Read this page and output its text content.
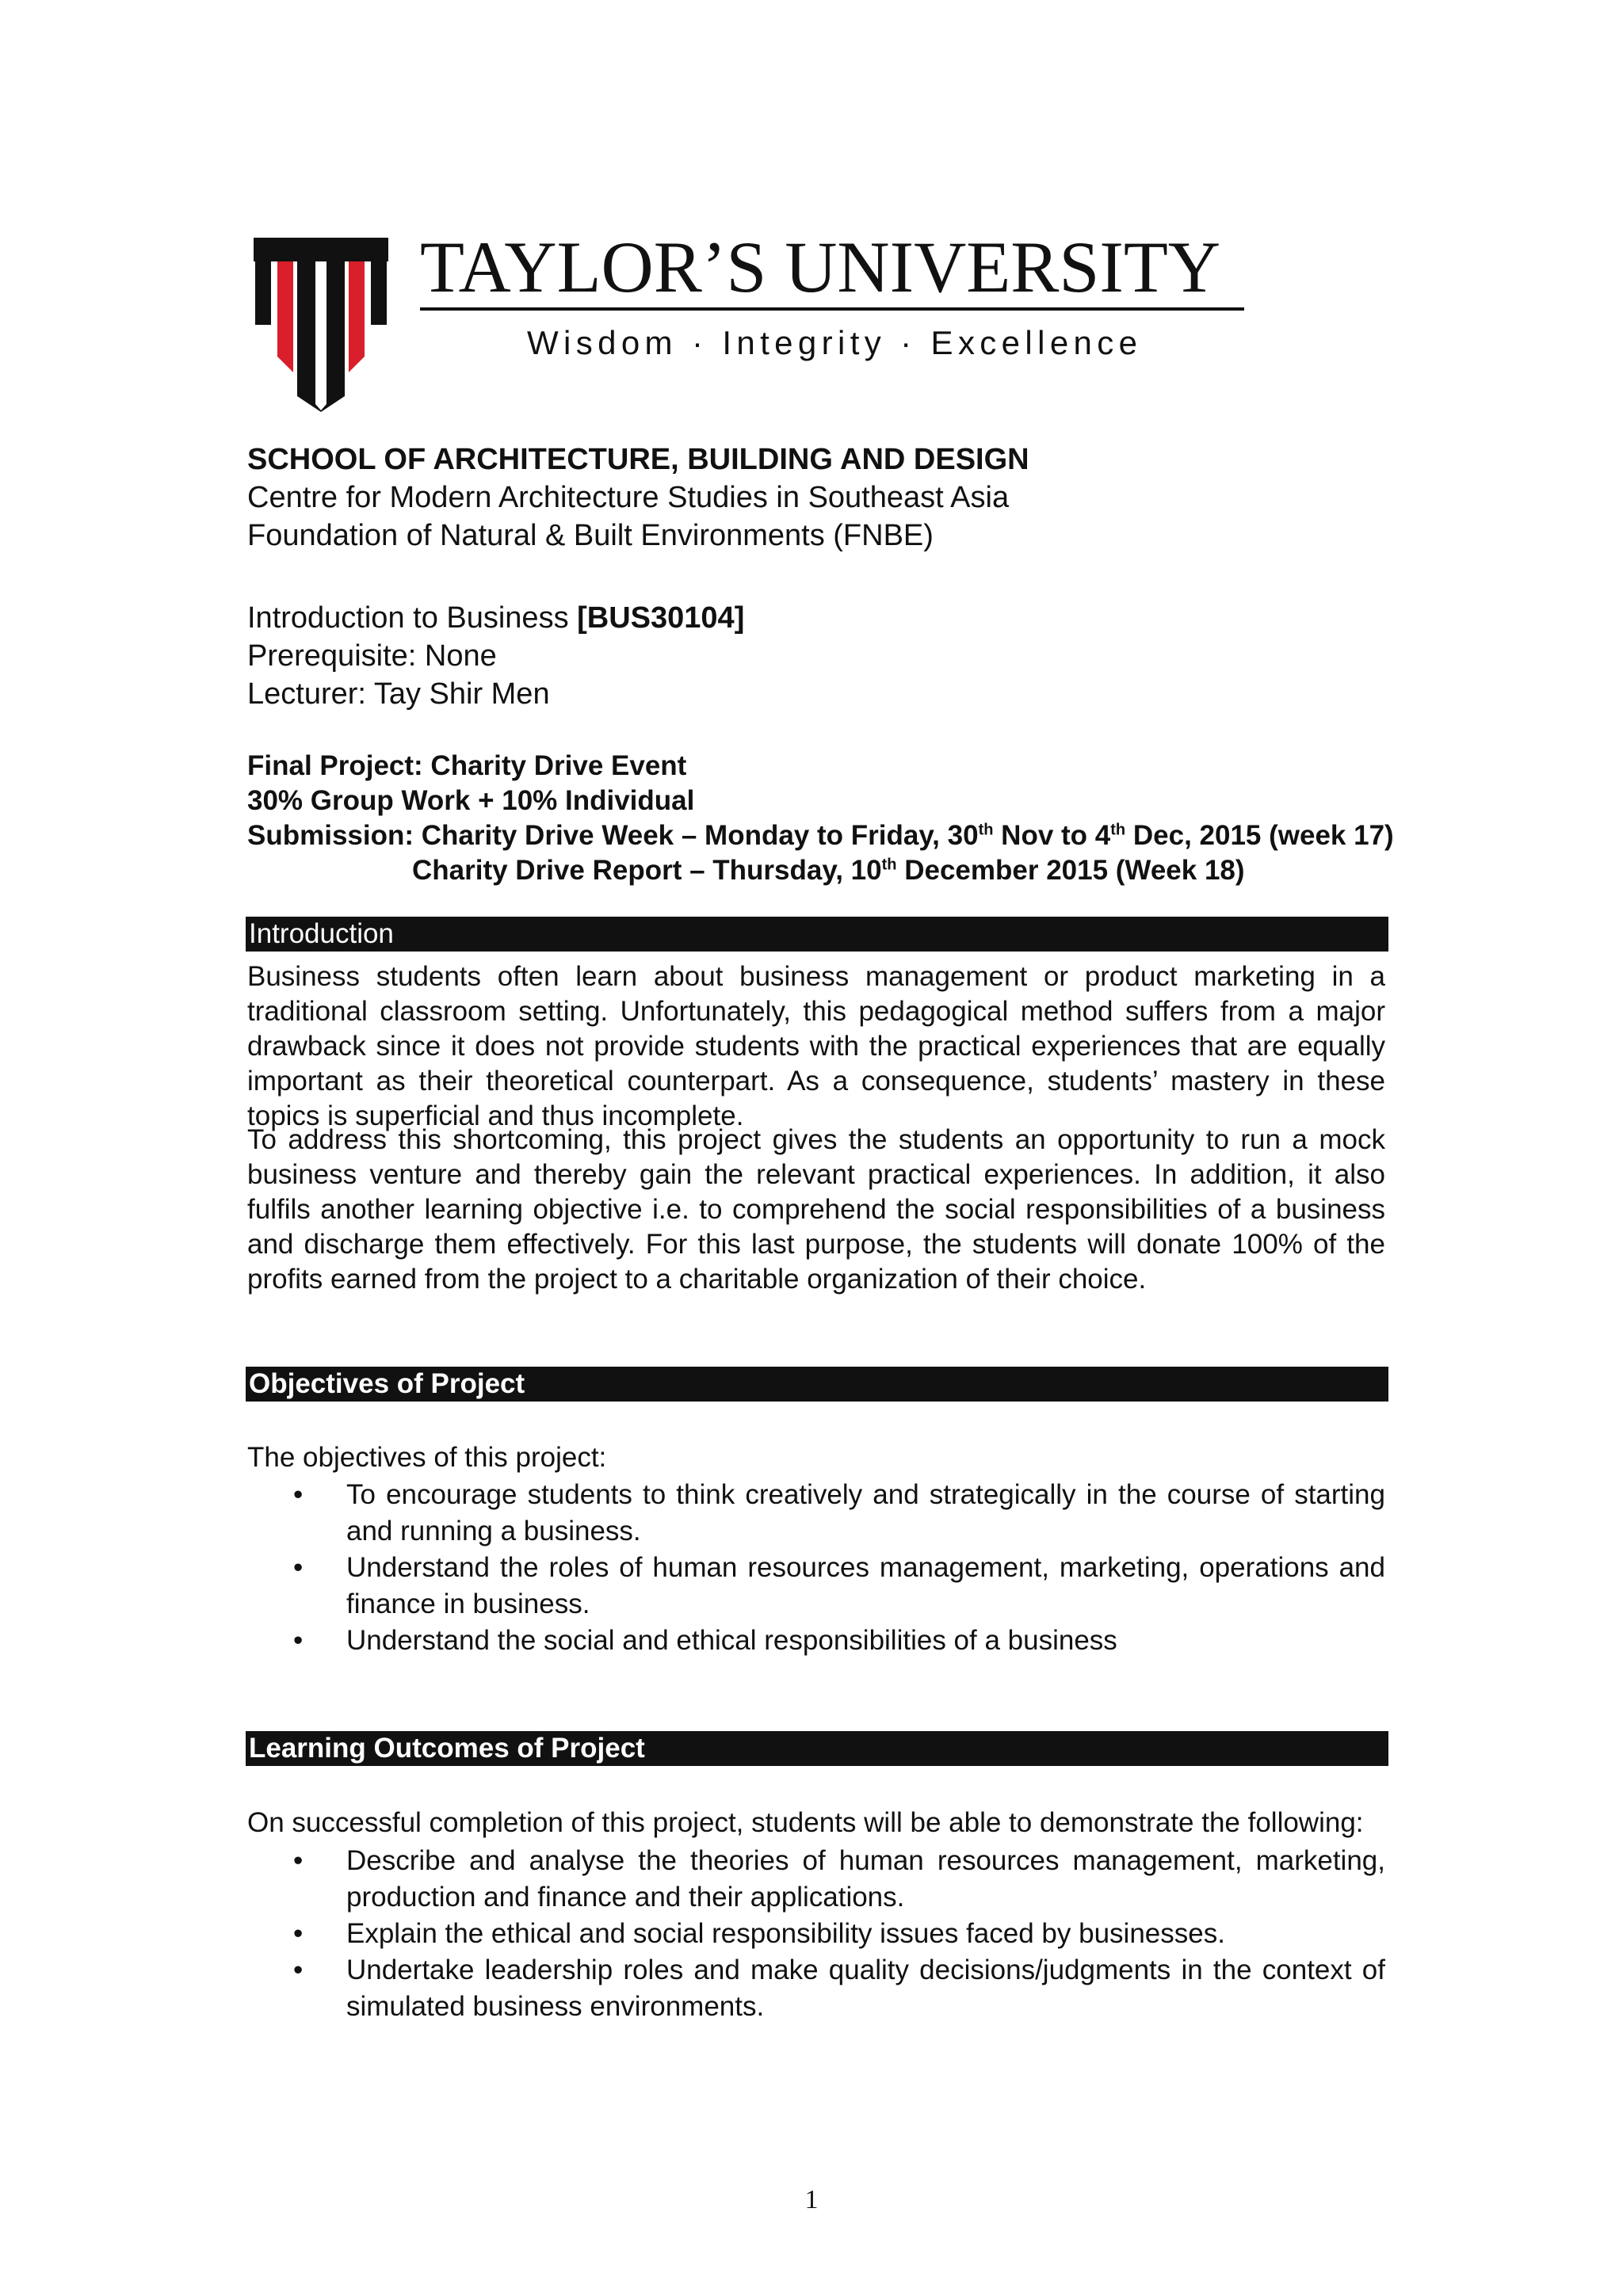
TAYLOR’S UNIVERSITY
Wisdom · Integrity · Excellence
SCHOOL OF ARCHITECTURE, BUILDING AND DESIGN
Centre for Modern Architecture Studies in Southeast Asia
Foundation of Natural & Built Environments (FNBE)
Introduction to Business [BUS30104]
Prerequisite: None
Lecturer: Tay Shir Men
Final Project: Charity Drive Event
30% Group Work + 10% Individual
Submission: Charity Drive Week – Monday to Friday, 30th Nov to 4th Dec, 2015 (week 17)
Charity Drive Report – Thursday, 10th December 2015 (Week 18)
Introduction
Business students often learn about business management or product marketing in a traditional classroom setting. Unfortunately, this pedagogical method suffers from a major drawback since it does not provide students with the practical experiences that are equally important as their theoretical counterpart. As a consequence, students’ mastery in these topics is superficial and thus incomplete.
To address this shortcoming, this project gives the students an opportunity to run a mock business venture and thereby gain the relevant practical experiences. In addition, it also fulfils another learning objective i.e. to comprehend the social responsibilities of a business and discharge them effectively. For this last purpose, the students will donate 100% of the profits earned from the project to a charitable organization of their choice.
Objectives of Project
The objectives of this project:
• To encourage students to think creatively and strategically in the course of starting and running a business.
• Understand the roles of human resources management, marketing, operations and finance in business.
• Understand the social and ethical responsibilities of a business
Learning Outcomes of Project
On successful completion of this project, students will be able to demonstrate the following:
• Describe and analyse the theories of human resources management, marketing, production and finance and their applications.
• Explain the ethical and social responsibility issues faced by businesses.
• Undertake leadership roles and make quality decisions/judgments in the context of simulated business environments.
1
